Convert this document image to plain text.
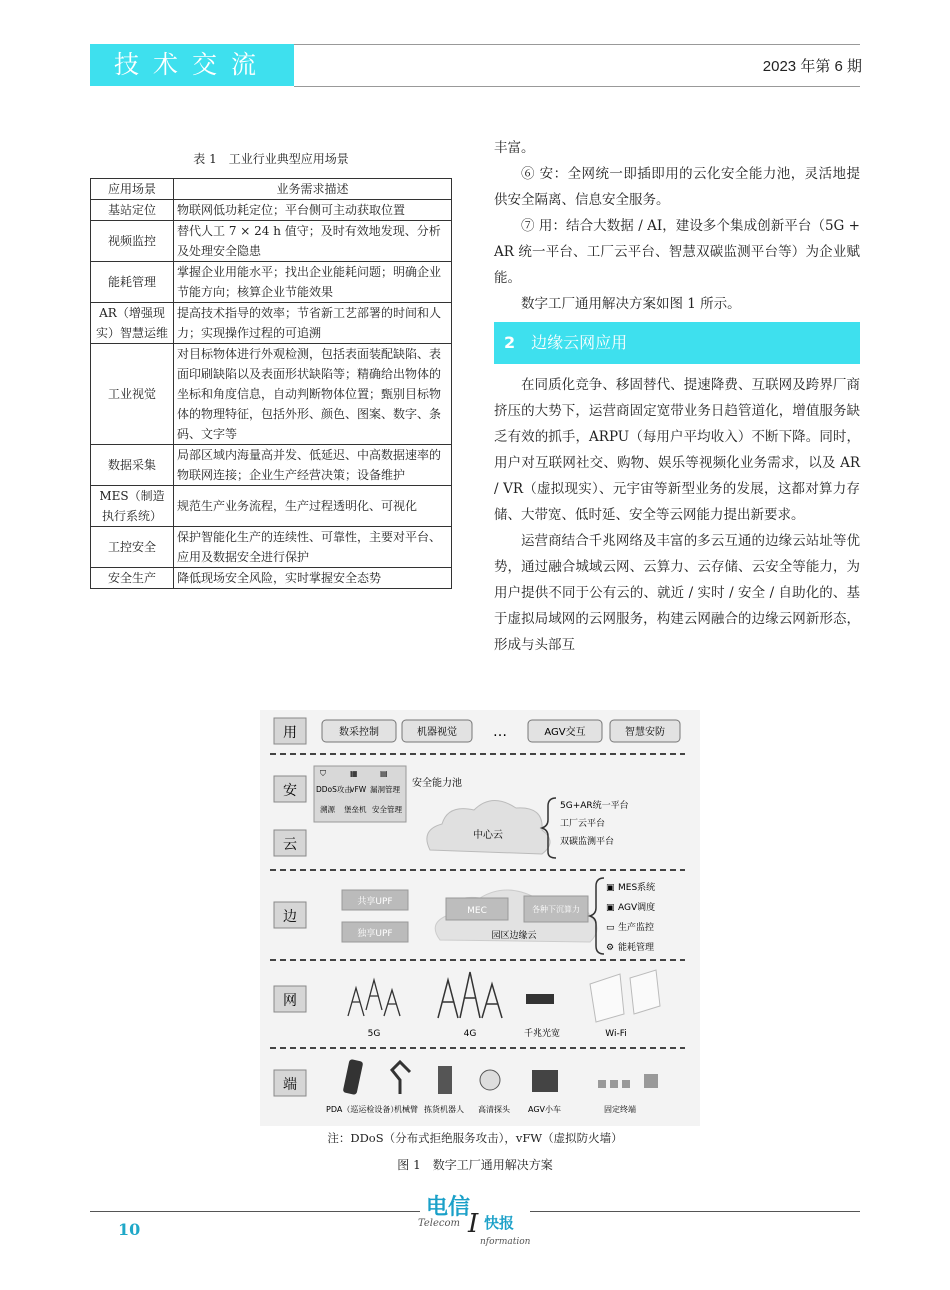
技术交流	2023 年第 6 期
表 1　工业行业典型应用场景
应用场景	业务需求描述
基站定位	物联网低功耗定位；平台侧可主动获取位置
视频监控	替代人工 7 × 24 h 值守；及时有效地发现、分析及处理安全隐患
能耗管理	掌握企业用能水平；找出企业能耗问题；明确企业节能方向；核算企业节能效果
AR（增强现实）智慧运维	提高技术指导的效率；节省新工艺部署的时间和人力；实现操作过程的可追溯
工业视觉	对目标物体进行外观检测，包括表面装配缺陷、表面印刷缺陷以及表面形状缺陷等；精确给出物体的坐标和角度信息，自动判断物体位置；甄别目标物体的物理特征，包括外形、颜色、图案、数字、条码、文字等
数据采集	局部区域内海量高并发、低延迟、中高数据速率的物联网连接；企业生产经营决策；设备维护
MES（制造执行系统）	规范生产业务流程，生产过程透明化、可视化
工控安全	保护智能化生产的连续性、可靠性，主要对平台、应用及数据安全进行保护
安全生产	降低现场安全风险，实时掌握安全态势

丰富。

⑥ 安：全网统一即插即用的云化安全能力池，灵活地提供安全隔离、信息安全服务。

⑦ 用：结合大数据 / AI，建设多个集成创新平台（5G + AR 统一平台、工厂云平台、智慧双碳监测平台等）为企业赋能。

数字工厂通用解决方案如图 1 所示。

2 边缘云网应用

在同质化竞争、移固替代、提速降费、互联网及跨界厂商挤压的大势下，运营商固定宽带业务日趋管道化，增值服务缺乏有效的抓手，ARPU（每用户平均收入）不断下降。同时，用户对互联网社交、购物、娱乐等视频化业务需求，以及 AR / VR（虚拟现实）、元宇宙等新型业务的发展，这都对算力存储、大带宽、低时延、安全等云网能力提出新要求。

运营商结合千兆网络及丰富的多云互通的边缘云站址等优势，通过融合城域云网、云算力、云存储、云安全等能力，为用户提供不同于公有云的、就近 / 实时 / 安全 / 自助化的、基于虚拟局域网的云网服务，构建云网融合的边缘云网新形态，形成与头部互

用
安
云
边
网
端
数采控制	机器视觉	…	AGV交互	智慧安防
⛉	▦	▤
DDoS攻击
vFW 漏洞管理
溯源 堡垒机 安全管理
安全能力池
中心云
5G+AR统一平台
工厂云平台
双碳监测平台
共享UPF
独享UPF
MEC	各种下沉算力
园区边缘云
▣ MES系统
▣ AGV调度
▭ 生产监控
⚙ 能耗管理
5G	4G	千兆光宽	Wi-Fi
PDA（巡运检设备）
机械臂 拣货机器人 高清探头 AGV小车	固定终端
注：DDoS（分布式拒绝服务攻击），vFW（虚拟防火墙）
图 1　数字工厂通用解决方案
10
电信
Telecom I 快报
nformation
